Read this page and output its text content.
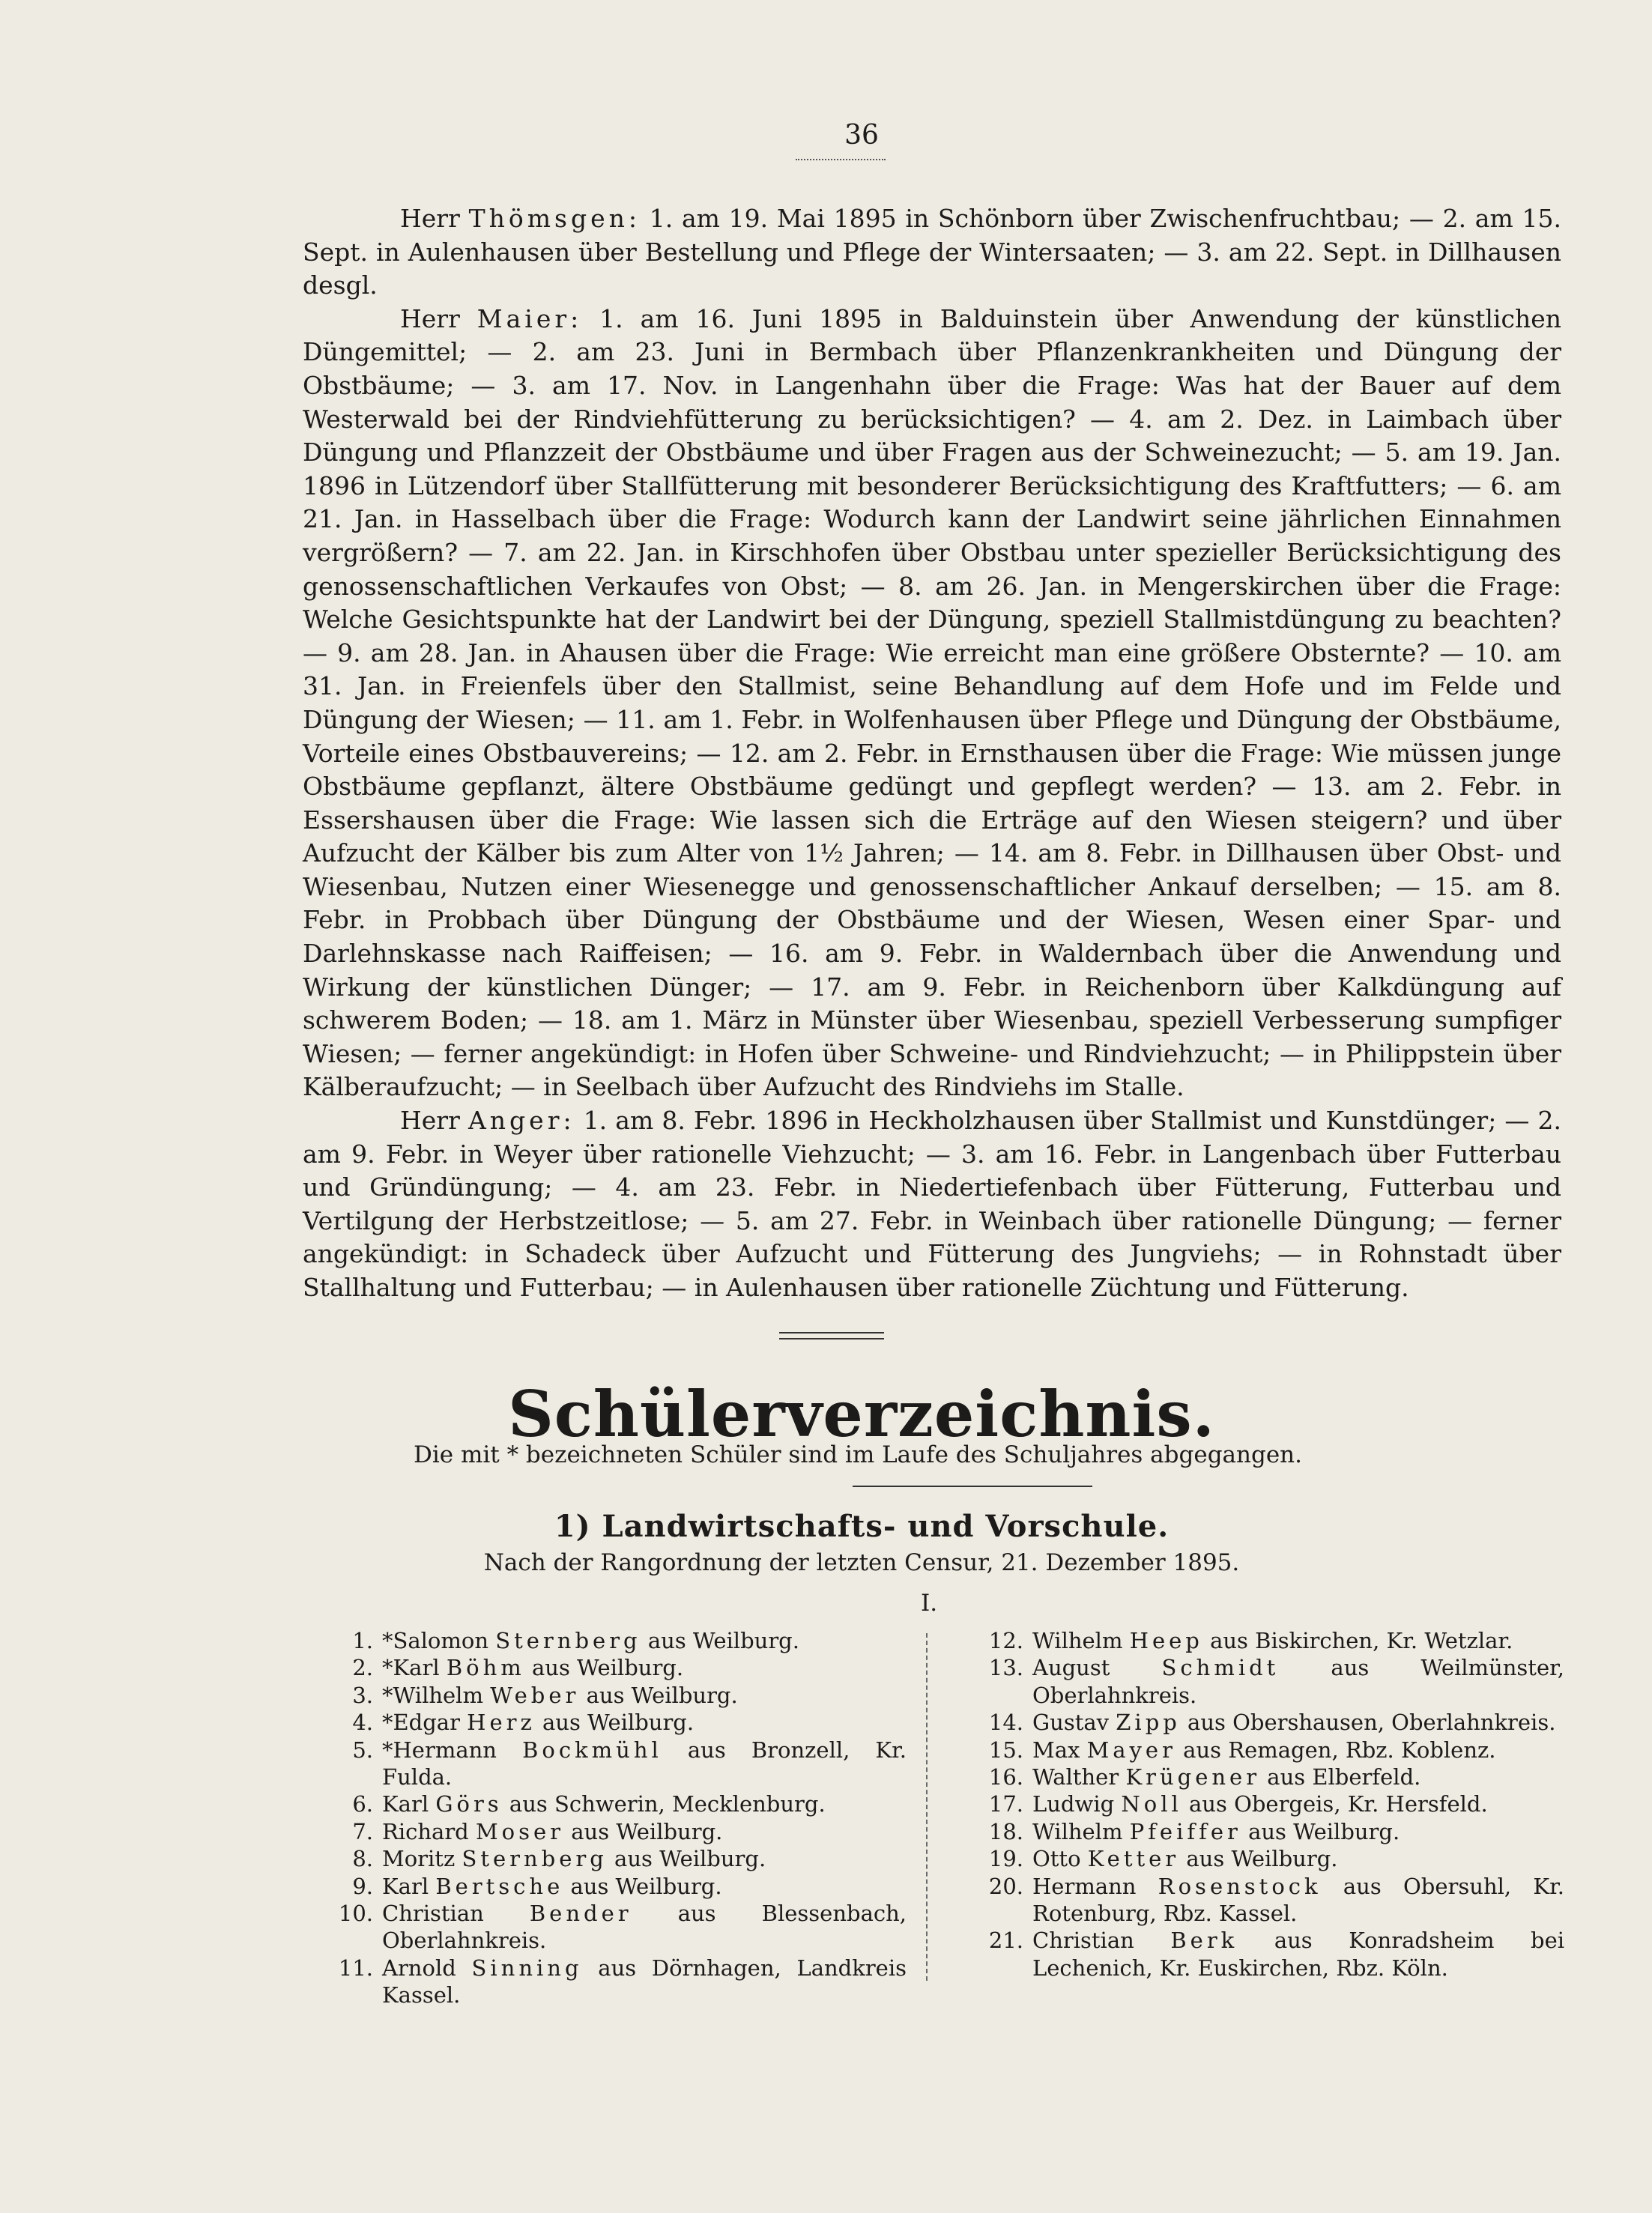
36

Herr Thömsgen: 1. am 19. Mai 1895 in Schönborn über Zwischenfruchtbau; — 2. am 15. Sept. in Aulenhausen über Bestellung und Pflege der Wintersaaten; — 3. am 22. Sept. in Dillhausen desgl.

Herr Maier: 1. am 16. Juni 1895 in Balduinstein über Anwendung der künstlichen Düngemittel; — 2. am 23. Juni in Bermbach über Pflanzenkrankheiten und Düngung der Obstbäume; — 3. am 17. Nov. in Langenhahn über die Frage: Was hat der Bauer auf dem Westerwald bei der Rindviehfütterung zu berücksichtigen? — 4. am 2. Dez. in Laimbach über Düngung und Pflanzzeit der Obstbäume und über Fragen aus der Schweinezucht; — 5. am 19. Jan. 1896 in Lützendorf über Stallfütterung mit besonderer Berücksichtigung des Kraftfutters; — 6. am 21. Jan. in Hasselbach über die Frage: Wodurch kann der Landwirt seine jährlichen Einnahmen vergrößern? — 7. am 22. Jan. in Kirschhofen über Obstbau unter spezieller Berücksichtigung des genossenschaftlichen Verkaufes von Obst; — 8. am 26. Jan. in Mengerskirchen über die Frage: Welche Gesichtspunkte hat der Landwirt bei der Düngung, speziell Stallmistdüngung zu beachten? — 9. am 28. Jan. in Ahausen über die Frage: Wie erreicht man eine größere Obsternte? — 10. am 31. Jan. in Freienfels über den Stallmist, seine Behandlung auf dem Hofe und im Felde und Düngung der Wiesen; — 11. am 1. Febr. in Wolfenhausen über Pflege und Düngung der Obstbäume, Vorteile eines Obstbauvereins; — 12. am 2. Febr. in Ernsthausen über die Frage: Wie müssen junge Obstbäume gepflanzt, ältere Obstbäume gedüngt und gepflegt werden? — 13. am 2. Febr. in Essershausen über die Frage: Wie lassen sich die Erträge auf den Wiesen steigern? und über Aufzucht der Kälber bis zum Alter von 1½ Jahren; — 14. am 8. Febr. in Dillhausen über Obst- und Wiesenbau, Nutzen einer Wiesenegge und genossenschaftlicher Ankauf derselben; — 15. am 8. Febr. in Probbach über Düngung der Obstbäume und der Wiesen, Wesen einer Spar- und Darlehnskasse nach Raiffeisen; — 16. am 9. Febr. in Waldernbach über die Anwendung und Wirkung der künstlichen Dünger; — 17. am 9. Febr. in Reichenborn über Kalkdüngung auf schwerem Boden; — 18. am 1. März in Münster über Wiesenbau, speziell Verbesserung sumpfiger Wiesen; — ferner angekündigt: in Hofen über Schweine- und Rindviehzucht; — in Philippstein über Kälberaufzucht; — in Seelbach über Aufzucht des Rindviehs im Stalle.

Herr Anger: 1. am 8. Febr. 1896 in Heckholzhausen über Stallmist und Kunstdünger; — 2. am 9. Febr. in Weyer über rationelle Viehzucht; — 3. am 16. Febr. in Langenbach über Futterbau und Gründüngung; — 4. am 23. Febr. in Niedertiefenbach über Fütterung, Futterbau und Vertilgung der Herbstzeitlose; — 5. am 27. Febr. in Weinbach über rationelle Düngung; — ferner angekündigt: in Schadeck über Aufzucht und Fütterung des Jungviehs; — in Rohnstadt über Stallhaltung und Futterbau; — in Aulenhausen über rationelle Züchtung und Fütterung.

Schülerverzeichnis.
Die mit * bezeichneten Schüler sind im Laufe des Schuljahres abgegangen.
1) Landwirtschafts- und Vorschule.
Nach der Rangordnung der letzten Censur, 21. Dezember 1895.
I.
1. *Salomon Sternberg aus Weilburg.
2. *Karl Böhm aus Weilburg.
3. *Wilhelm Weber aus Weilburg.
4. *Edgar Herz aus Weilburg.
5. *Hermann Bockmühl aus Bronzell, Kr. Fulda.
6. Karl Görs aus Schwerin, Mecklenburg.
7. Richard Moser aus Weilburg.
8. Moritz Sternberg aus Weilburg.
9. Karl Bertsche aus Weilburg.
10. Christian Bender aus Blessenbach, Oberlahnkreis.
11. Arnold Sinning aus Dörnhagen, Landkreis Kassel.
12. Wilhelm Heep aus Biskirchen, Kr. Wetzlar.
13. August Schmidt aus Weilmünster, Oberlahnkreis.
14. Gustav Zipp aus Obershausen, Oberlahnkreis.
15. Max Mayer aus Remagen, Rbz. Koblenz.
16. Walther Krügener aus Elberfeld.
17. Ludwig Noll aus Obergeis, Kr. Hersfeld.
18. Wilhelm Pfeiffer aus Weilburg.
19. Otto Ketter aus Weilburg.
20. Hermann Rosenstock aus Obersuhl, Kr. Rotenburg, Rbz. Kassel.
21. Christian Berk aus Konradsheim bei Lechenich, Kr. Euskirchen, Rbz. Köln.
